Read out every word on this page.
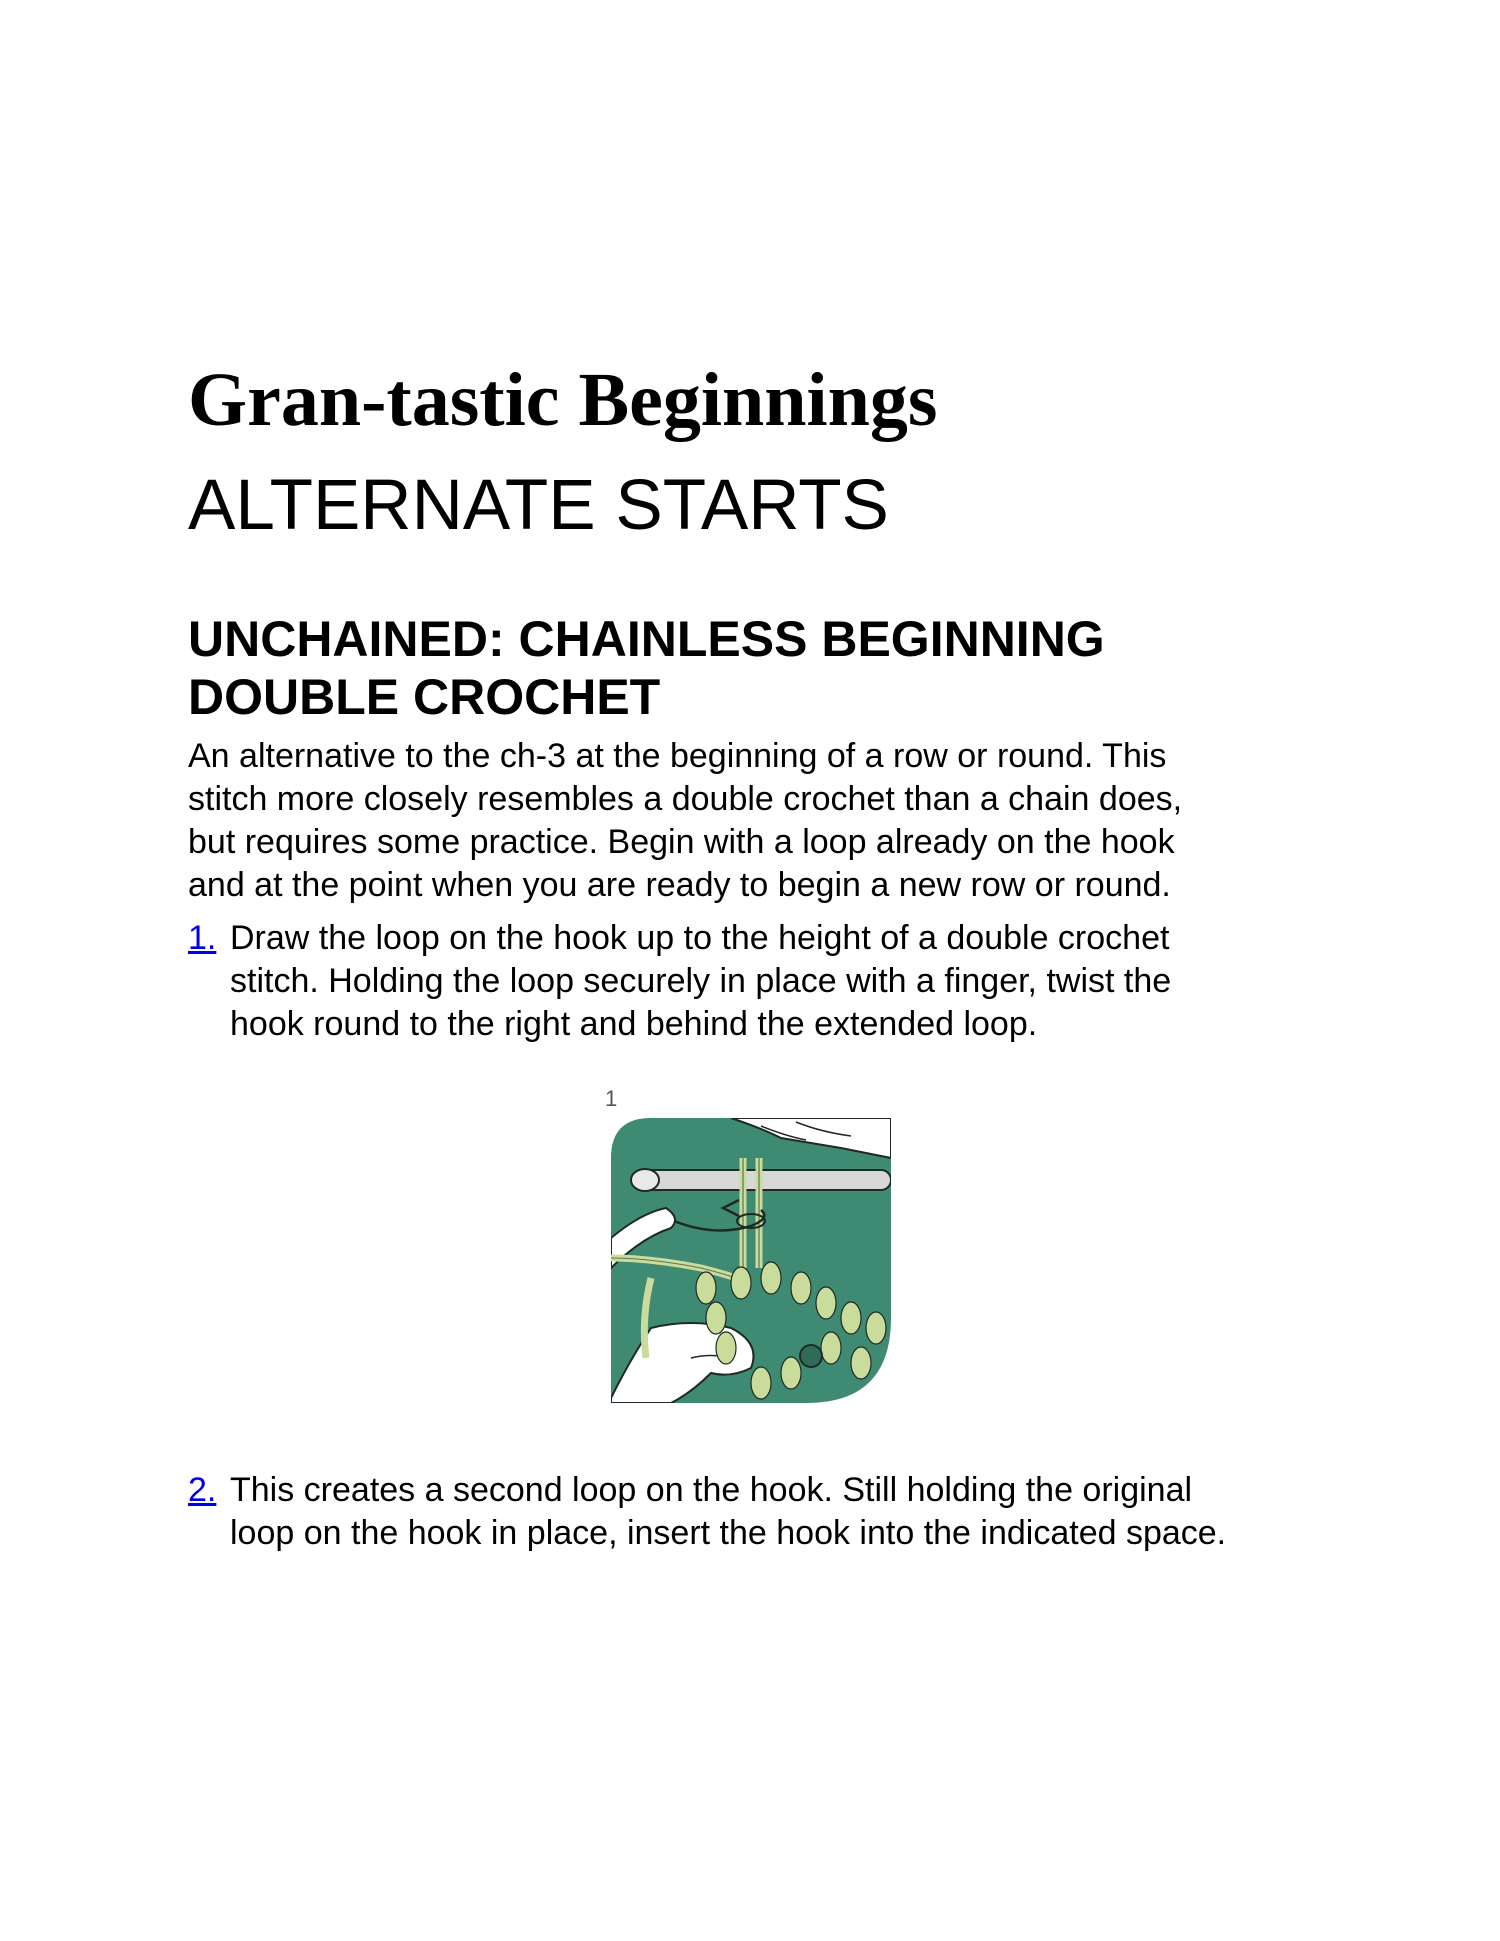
Gran-tastic Beginnings
ALTERNATE STARTS
UNCHAINED: CHAINLESS BEGINNING
DOUBLE CROCHET

An alternative to the ch-3 at the beginning of a row or round. This
stitch more closely resembles a double crochet than a chain does,
but requires some practice. Begin with a loop already on the hook
and at the point when you are ready to begin a new row or round.

1. Draw the loop on the hook up to the height of a double crochet
stitch. Holding the loop securely in place with a finger, twist the
hook round to the right and behind the extended loop.
2. This creates a second loop on the hook. Still holding the original
loop on the hook in place, insert the hook into the indicated space.
1
